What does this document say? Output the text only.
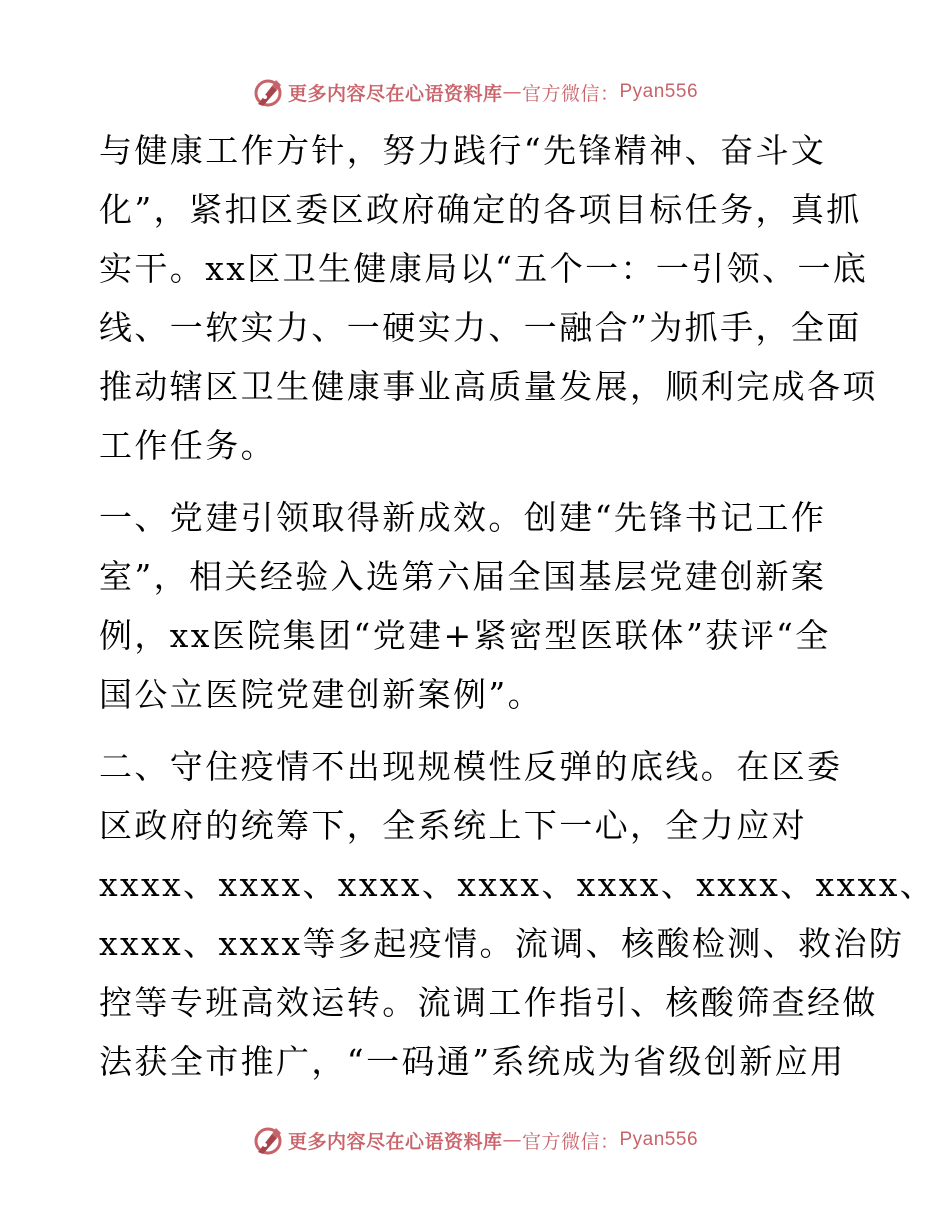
更多内容尽在心语资料库 — 官方微信： Pyan556
与健康工作方针，努力践行“先锋精神、奋斗文
化”，紧扣区委区政府确定的各项目标任务，真抓
实干。xx区卫生健康局以“五个一：一引领、一底
线、一软实力、一硬实力、一融合”为抓手，全面
推动辖区卫生健康事业高质量发展，顺利完成各项
工作任务。
一、党建引领取得新成效。创建“先锋书记工作
室”，相关经验入选第六届全国基层党建创新案
例，xx医院集团“党建+紧密型医联体”获评“全
国公立医院党建创新案例”。
二、守住疫情不出现规模性反弹的底线。在区委
区政府的统筹下，全系统上下一心，全力应对
xxxx、xxxx、xxxx、xxxx、xxxx、xxxx、xxxx、
xxxx、xxxx等多起疫情。流调、核酸检测、救治防
控等专班高效运转。流调工作指引、核酸筛查经做
法获全市推广，“一码通”系统成为省级创新应用
更多内容尽在心语资料库 — 官方微信： Pyan556
